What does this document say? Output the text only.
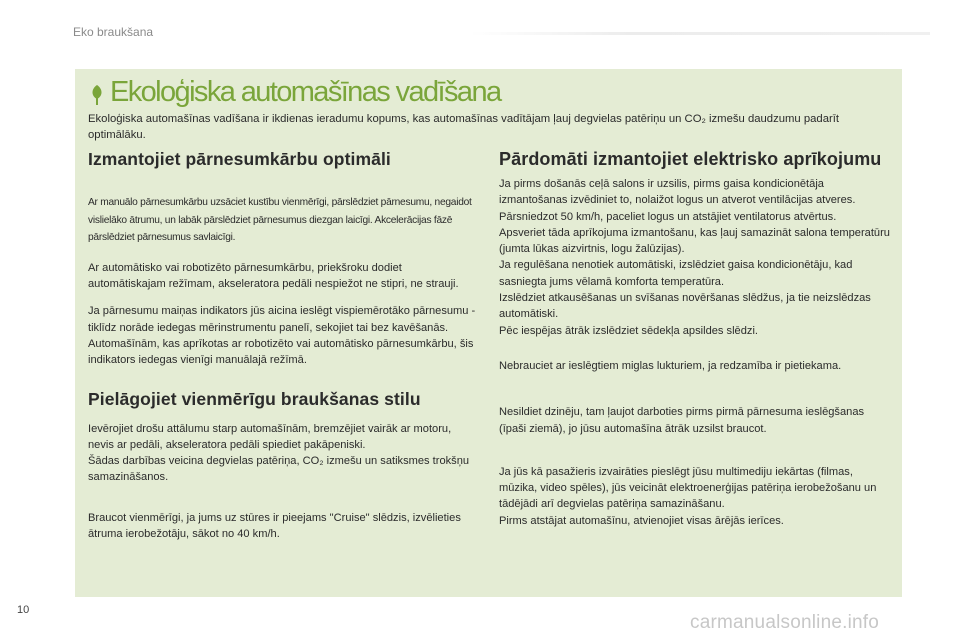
Eko braukšana
Ekoloģiska automašīnas vadīšana
Ekoloģiska automašīnas vadīšana ir ikdienas ieradumu kopums, kas automašīnas vadītājam ļauj degvielas patēriņu un CO₂ izmešu daudzumu padarīt optimālāku.
Izmantojiet pārnesumkārbu optimāli

Ar manuālo pārnesumkārbu uzsāciet kustību vienmērīgi, pārslēdziet pārnesumu, negaidot vislielāko ātrumu, un labāk pārslēdziet pārnesumus diezgan laicīgi. Akcelerācijas fāzē pārslēdziet pārnesumus savlaicīgi.

Ar automātisko vai robotizēto pārnesumkārbu, priekšroku dodiet automātiskajam režīmam, akseleratora pedāli nespiežot ne stipri, ne strauji.

Ja pārnesumu maiņas indikators jūs aicina ieslēgt vispiemērotāko pārnesumu - tiklīdz norāde iedegas mērinstrumentu panelī, sekojiet tai bez kavēšanās.

Automašīnām, kas aprīkotas ar robotizēto vai automātisko pārnesumkārbu, šis indikators iedegas vienīgi manuālajā režīmā.

Pielāgojiet vienmērīgu braukšanas stilu

Ievērojiet drošu attālumu starp automašīnām, bremzējiet vairāk ar motoru, nevis ar pedāli, akseleratora pedāli spiediet pakāpeniski.

Šādas darbības veicina degvielas patēriņa, CO₂ izmešu un satiksmes trokšņu samazināšanos.

Braucot vienmērīgi, ja jums uz stūres ir pieejams "Cruise" slēdzis, izvēlieties ātruma ierobežotāju, sākot no 40 km/h.

Pārdomāti izmantojiet elektrisko aprīkojumu

Ja pirms došanās ceļā salons ir uzsilis, pirms gaisa kondicionētāja izmantošanas izvēdiniet to, nolaižot logus un atverot ventilācijas atveres.

Pārsniedzot 50 km/h, paceliet logus un atstājiet ventilatorus atvērtus.

Apsveriet tāda aprīkojuma izmantošanu, kas ļauj samazināt salona temperatūru (jumta lūkas aizvirtnis, logu žalūzijas).

Ja regulēšana nenotiek automātiski, izslēdziet gaisa kondicionētāju, kad sasniegta jums vēlamā komforta temperatūra.

Izslēdziet atkausēšanas un svīšanas novēršanas slēdžus, ja tie neizslēdzas automātiski.

Pēc iespējas ātrāk izslēdziet sēdekļa apsildes slēdzi.

Nebrauciet ar ieslēgtiem miglas lukturiem, ja redzamība ir pietiekama.

Nesildiet dzinēju, tam ļaujot darboties pirms pirmā pārnesuma ieslēgšanas (īpaši ziemā), jo jūsu automašīna ātrāk uzsilst braucot.

Ja jūs kā pasažieris izvairāties pieslēgt jūsu multimediju iekārtas (filmas, mūzika, video spēles), jūs veicināt elektroenerģijas patēriņa ierobežošanu un tādējādi arī degvielas patēriņa samazināšanu.

Pirms atstājat automašīnu, atvienojiet visas ārējās ierīces.

10
carmanualsonline.info
